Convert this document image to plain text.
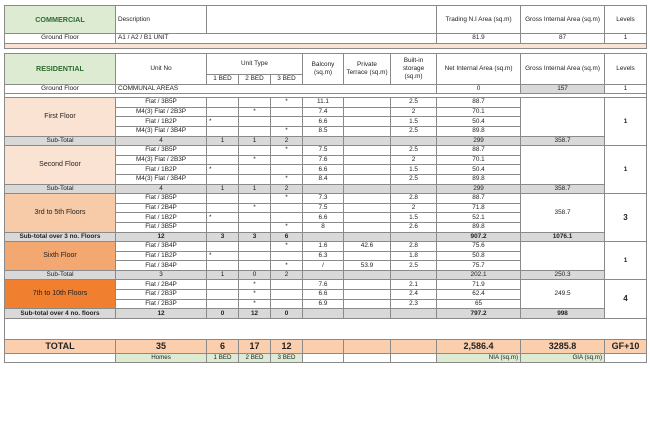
COMMERCIAL	Description							Trading N.I Area (sq.m)	Gross Internal Area (sq.m)	Levels
Ground Floor	A1 / A2 / B1 UNIT							81.9	87	1

RESIDENTIAL	Unit No	Unit Type			Balcony (sq.m)	Private Terrace (sq.m)	Built-in storage (sq.m)	Net Internal Area (sq.m)	Gross Internal Area (sq.m)	Levels
		1 BED	2 BED	3 BED						
Ground Floor	COMMUNAL AREAS							0	157	1

First Floor	Flat / 3B5P			*	11.1		2.5	88.7		1
	M4(3) Flat / 2B3P		*		7.4		2	70.1		
	Flat / 1B2P	*			6.6		1.5	50.4		
	M4(3) Flat / 3B4P			*	8.5		2.5	89.8		
Sub-Total	4	1	1	2				299	358.7	
Second Floor	Flat / 3B5P			*	7.5		2.5	88.7		1
	M4(3) Flat / 2B3P		*		7.6		2	70.1		
	Flat / 1B2P	*			6.6		1.5	50.4		
	M4(3) Flat / 3B4P			*	8.4		2.5	89.8		
Sub-Total	4	1	1	2				299	358.7	
3rd to 5th Floors	Flat / 3B5P			*	7.3		2.8	88.7	358.7	3
	Flat / 2B4P		*		7.5		2	71.8		
	Flat / 1B2P	*			6.6		1.5	52.1		
	Flat / 3B5P			*	8		2.6	89.8		
Sub-total over 3 no. Floors	12	3	3	6				907.2	1076.1	
Sixth Floor	Flat / 3B4P			*	1.6	42.6	2.8	75.6		1
	Flat / 1B2P	*			6.3		1.8	50.8		
	Flat / 3B4P			*	/	53.9	2.5	75.7		
Sub-Total	3	1	0	2				202.1	250.3	
7th to 10th Floors	Flat / 2B4P		*		7.6		2.1	71.9	249.5	4
	Flat / 2B3P		*		6.6		2.4	62.4		
	Flat / 2B3P		*		6.9		2.3	65		
Sub-total over 4 no. floors	12	0	12	0				797.2	998	

TOTAL	35	6	17	12				2,586.4	3285.8	GF+10
	Homes	1 BED	2 BED	3 BED				NIA (sq.m)	GIA (sq.m)	
